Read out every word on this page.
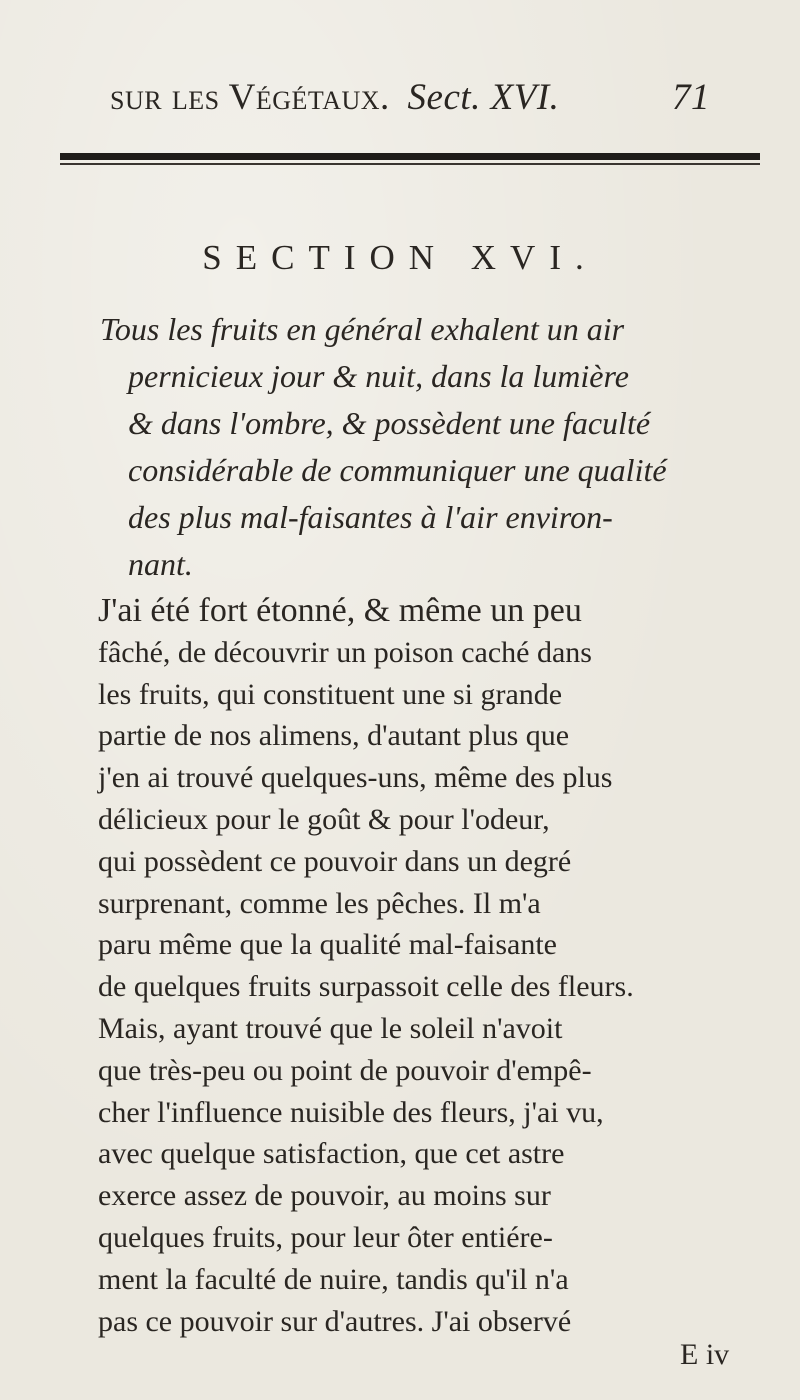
sur les Végétaux. Sect. XVI.	71
SECTION XVI.
Tous les fruits en général exhalent un air
pernicieux jour & nuit, dans la lumière
& dans l'ombre, & possèdent une faculté
considérable de communiquer une qualité
des plus mal-faisantes à l'air environ-
nant.
J'ai été fort étonné, & même un peu
fâché, de découvrir un poison caché dans
les fruits, qui constituent une si grande
partie de nos alimens, d'autant plus que
j'en ai trouvé quelques-uns, même des plus
délicieux pour le goût & pour l'odeur,
qui possèdent ce pouvoir dans un degré
surprenant, comme les pêches. Il m'a
paru même que la qualité mal-faisante
de quelques fruits surpassoit celle des fleurs.
Mais, ayant trouvé que le soleil n'avoit
que très-peu ou point de pouvoir d'empê-
cher l'influence nuisible des fleurs, j'ai vu,
avec quelque satisfaction, que cet astre
exerce assez de pouvoir, au moins sur
quelques fruits, pour leur ôter entiére-
ment la faculté de nuire, tandis qu'il n'a
pas ce pouvoir sur d'autres. J'ai observé
E iv
